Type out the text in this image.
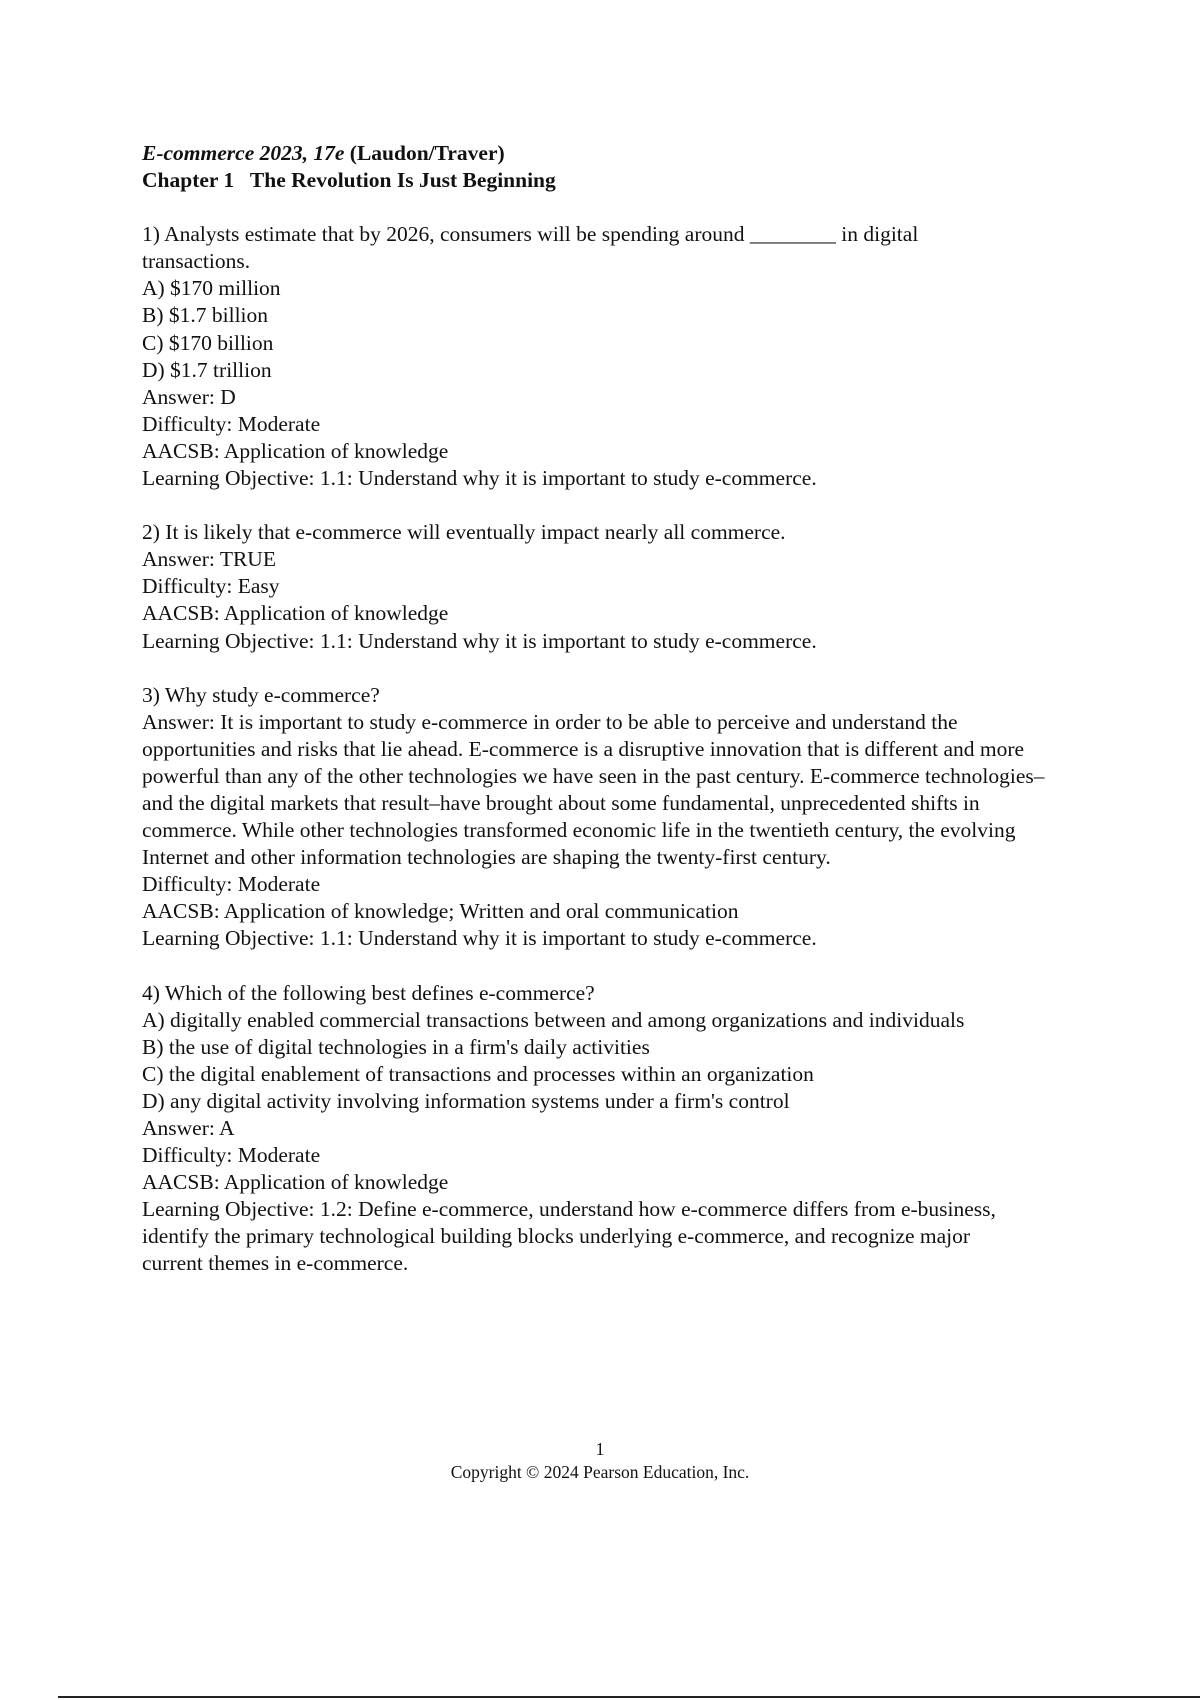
E-commerce 2023, 17e (Laudon/Traver)

Chapter 1   The Revolution Is Just Beginning

1) Analysts estimate that by 2026, consumers will be spending around ________ in digital transactions.

A) $170 million

B) $1.7 billion

C) $170 billion

D) $1.7 trillion

Answer: D

Difficulty: Moderate

AACSB: Application of knowledge

Learning Objective: 1.1: Understand why it is important to study e-commerce.

2) It is likely that e-commerce will eventually impact nearly all commerce.

Answer: TRUE

Difficulty: Easy

AACSB: Application of knowledge

Learning Objective: 1.1: Understand why it is important to study e-commerce.

3) Why study e-commerce?

Answer: It is important to study e-commerce in order to be able to perceive and understand the opportunities and risks that lie ahead. E-commerce is a disruptive innovation that is different and more powerful than any of the other technologies we have seen in the past century. E-commerce technologies–and the digital markets that result–have brought about some fundamental, unprecedented shifts in commerce. While other technologies transformed economic life in the twentieth century, the evolving Internet and other information technologies are shaping the twenty-first century.

Difficulty: Moderate

AACSB: Application of knowledge; Written and oral communication

Learning Objective: 1.1: Understand why it is important to study e-commerce.

4) Which of the following best defines e-commerce?

A) digitally enabled commercial transactions between and among organizations and individuals

B) the use of digital technologies in a firm's daily activities

C) the digital enablement of transactions and processes within an organization

D) any digital activity involving information systems under a firm's control

Answer: A

Difficulty: Moderate

AACSB: Application of knowledge

Learning Objective: 1.2: Define e-commerce, understand how e-commerce differs from e-business, identify the primary technological building blocks underlying e-commerce, and recognize major current themes in e-commerce.

1
Copyright © 2024 Pearson Education, Inc.
